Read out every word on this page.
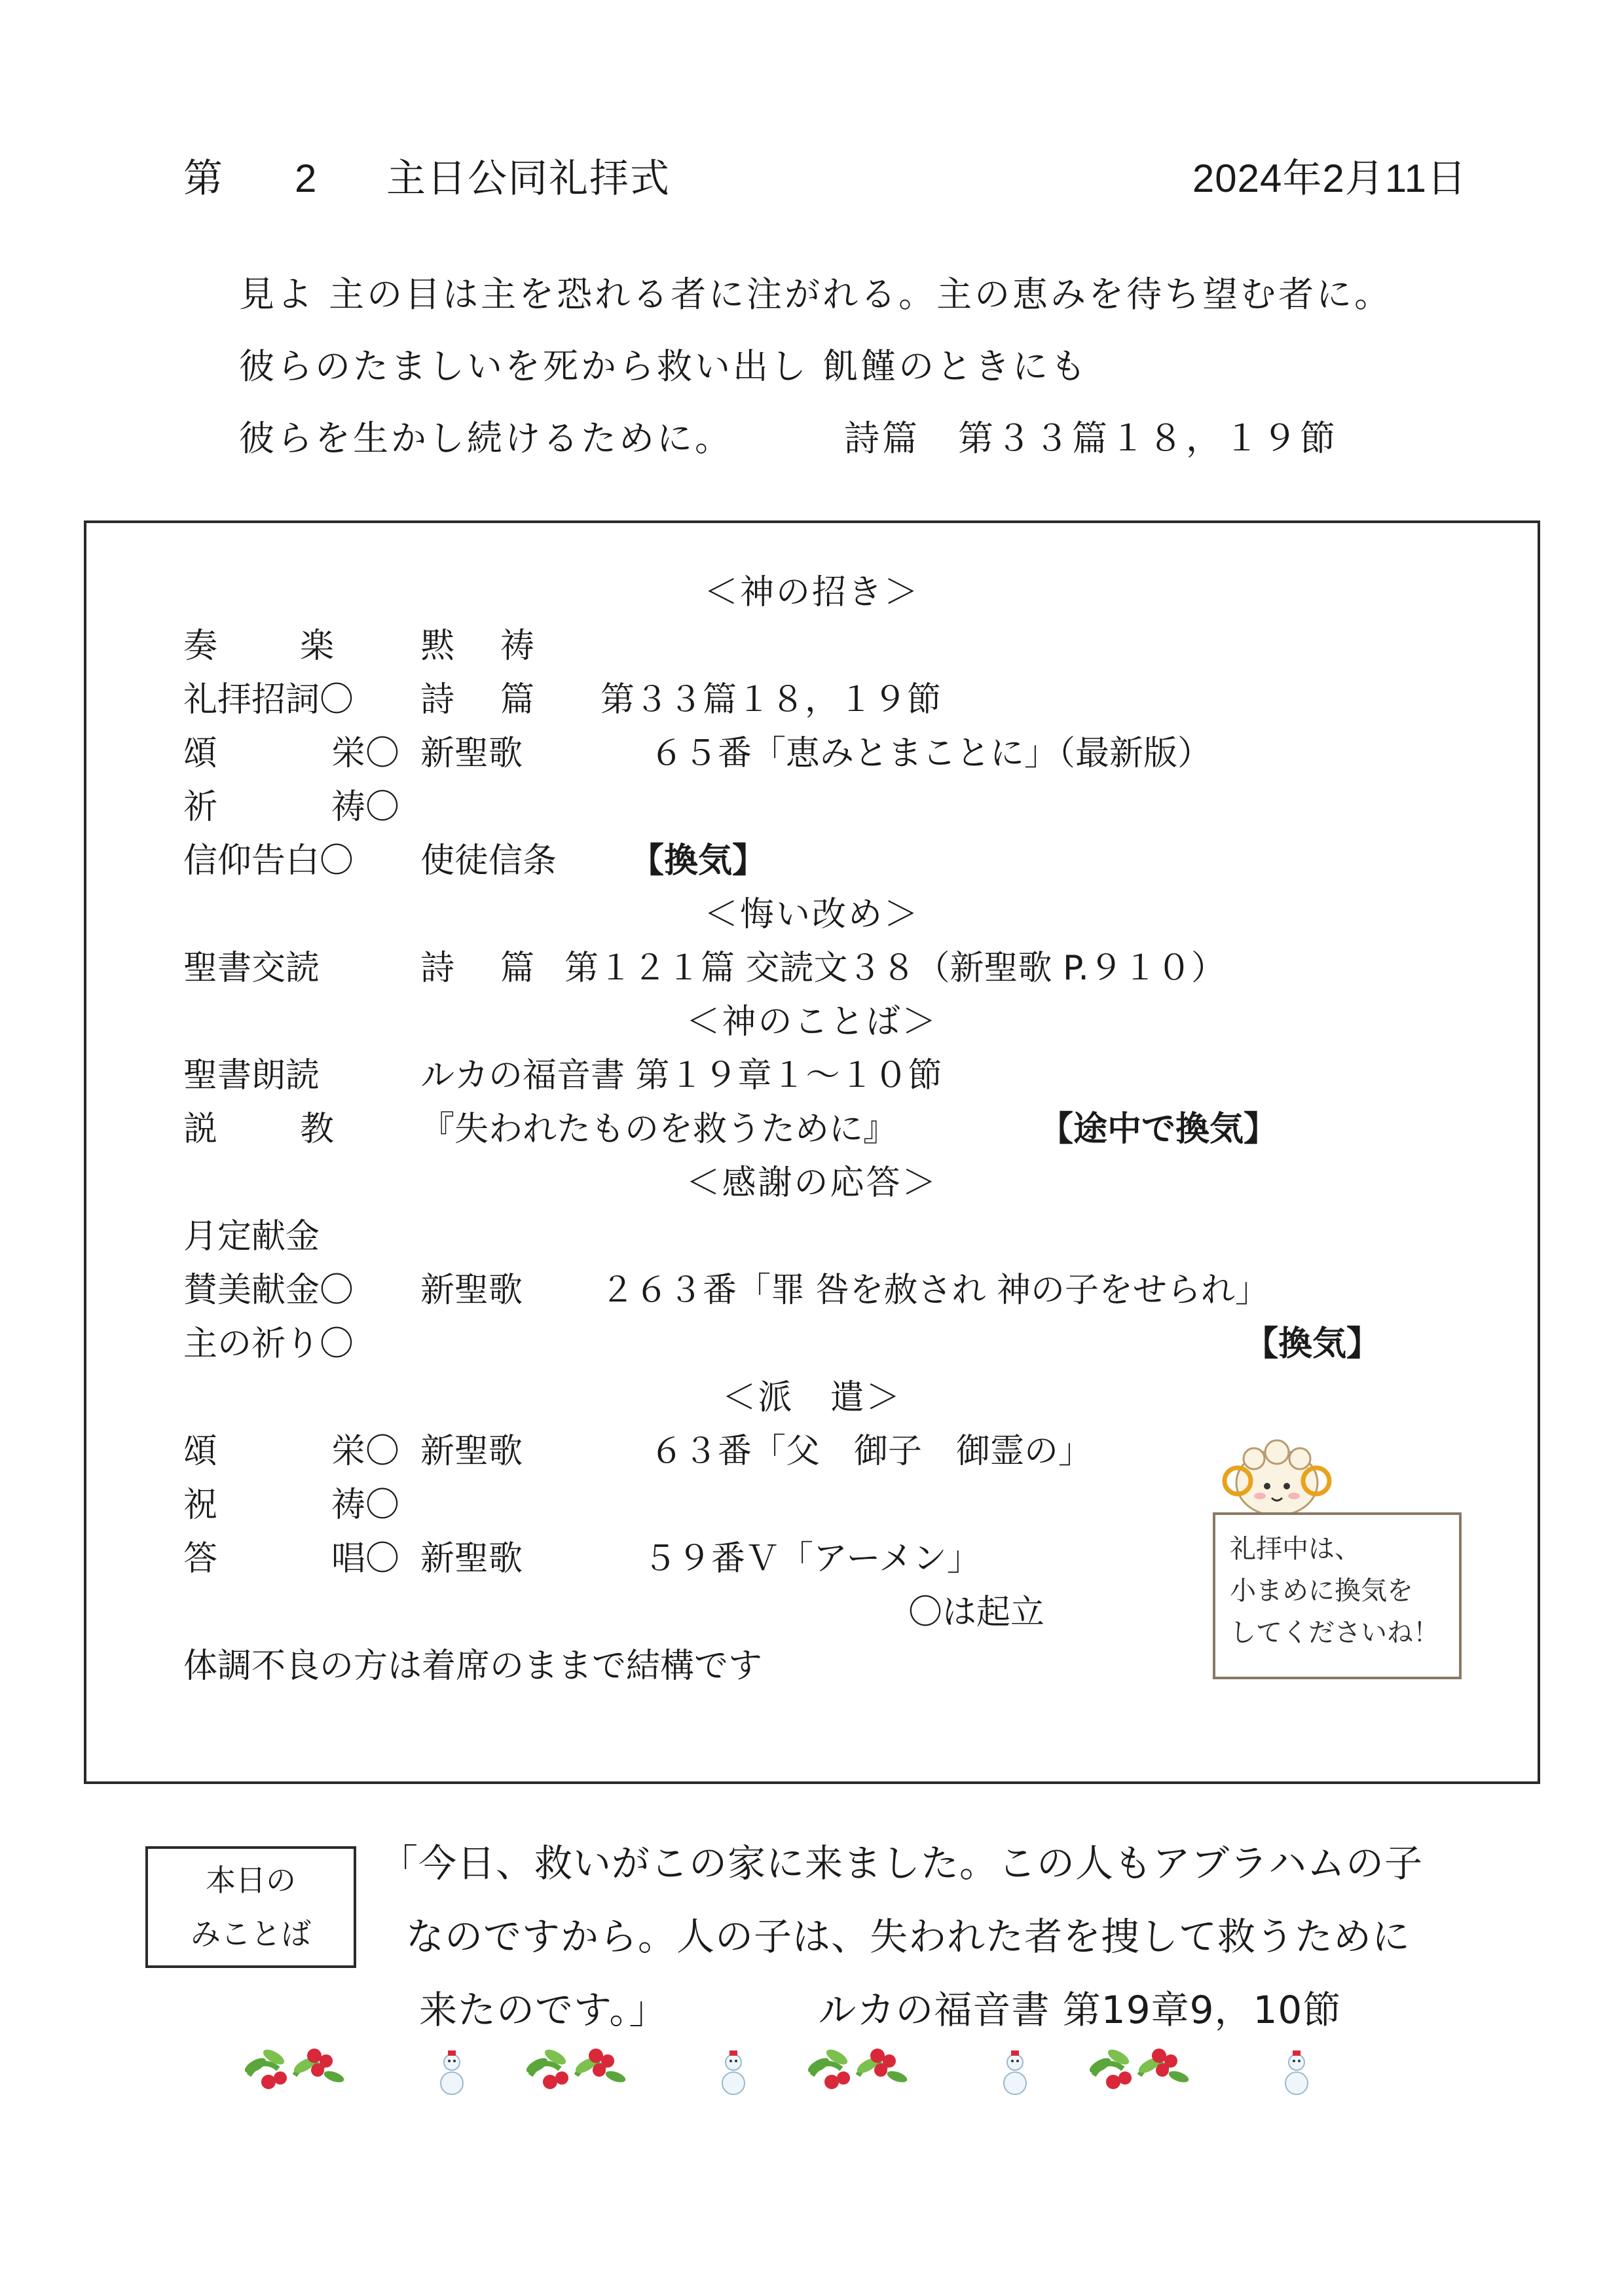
第 2 主日公同礼拝式	2024年2月11日
見よ 主の目は主を恐れる者に注がれる。主の恵みを待ち望む者に。
彼らのたましいを死から救い出し 飢饉のときにも
彼らを生かし続けるために。	詩篇　第３３篇１８，１９節
＜神の招き＞
奏 楽	黙 祷
礼拝招詞〇 詩 篇	第３３篇１８，１９節
頌	栄〇 新聖歌	６５番「恵みとまことに」（最新版）
祈	祷〇
信仰告白〇 使徒信条 【換気】
＜悔い改め＞
聖書交読	詩 篇 第１２１篇 交読文３８（新聖歌 P.９１０）
＜神のことば＞
聖書朗読	ルカの福音書 第１９章１～１０節
説 教	『失われたものを救うために』	【途中で換気】
＜感謝の応答＞
月定献金
賛美献金〇 新聖歌 ２６３番「罪 咎を赦され 神の子をせられ」
主の祈り〇	【換気】
＜派　遣＞
頌	栄〇 新聖歌	６３番「父　御子　御霊の」
祝	祷〇
答	唱〇 新聖歌	５９番Ｖ「アーメン」
〇は起立
体調不良の方は着席のままで結構です
礼拝中は、
小まめに換気を
してくださいね！
本日の
みことば
「今日、救いがこの家に来ました。この人もアブラハムの子
なのですから。人の子は、失われた者を捜して救うために
来たのです。」	ルカの福音書 第19章9，10節
